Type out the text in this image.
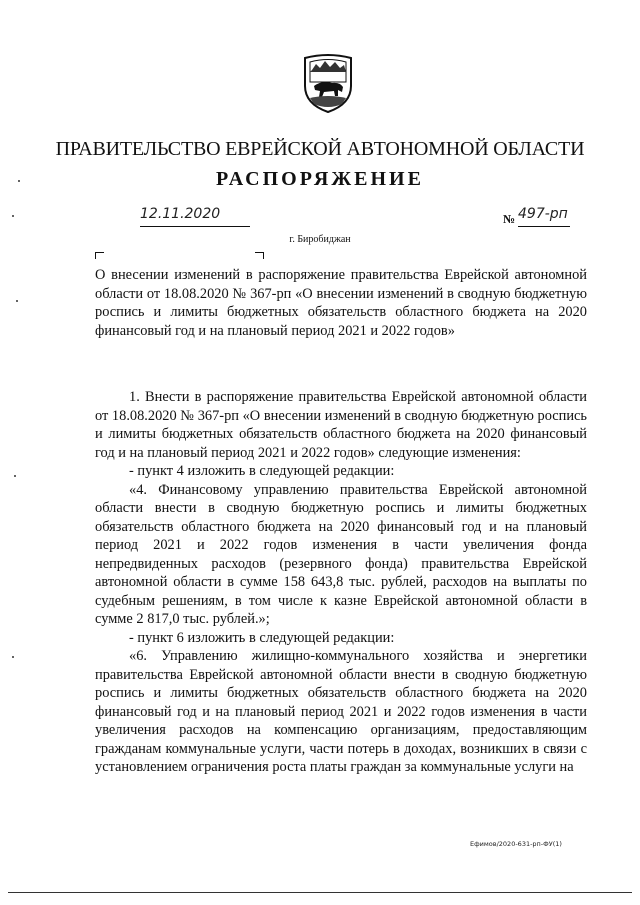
ПРАВИТЕЛЬСТВО ЕВРЕЙСКОЙ АВТОНОМНОЙ ОБЛАСТИ
РАСПОРЯЖЕНИЕ
12.11.2020	№ 497-рп
г. Биробиджан
О внесении изменений в распоряжение правительства Еврейской автономной области от 18.08.2020 № 367-рп «О внесении изменений в сводную бюджетную роспись и лимиты бюджетных обязательств областного бюджета на 2020 финансовый год и на плановый период 2021 и 2022 годов»

1. Внести в распоряжение правительства Еврейской автономной области от 18.08.2020 № 367-рп «О внесении изменений в сводную бюджетную роспись и лимиты бюджетных обязательств областного бюджета на 2020 финансовый год и на плановый период 2021 и 2022 годов» следующие изменения:

- пункт 4 изложить в следующей редакции:

«4. Финансовому управлению правительства Еврейской автономной области внести в сводную бюджетную роспись и лимиты бюджетных обязательств областного бюджета на 2020 финансовый год и на плановый период 2021 и 2022 годов изменения в части увеличения фонда непредвиденных расходов (резервного фонда) правительства Еврейской автономной области в сумме 158 643,8 тыс. рублей, расходов на выплаты по судебным решениям, в том числе к казне Еврейской автономной области в сумме 2 817,0 тыс. рублей.»;

- пункт 6 изложить в следующей редакции:

«6. Управлению жилищно-коммунального хозяйства и энергетики правительства Еврейской автономной области внести в сводную бюджетную роспись и лимиты бюджетных обязательств областного бюджета на 2020 финансовый год и на плановый период 2021 и 2022 годов изменения в части увеличения расходов на компенсацию организациям, предоставляющим гражданам коммунальные услуги, части потерь в доходах, возникших в связи с установлением ограничения роста платы граждан за коммунальные услуги на

Ефимов/2020-631-рп-ФУ(1)
